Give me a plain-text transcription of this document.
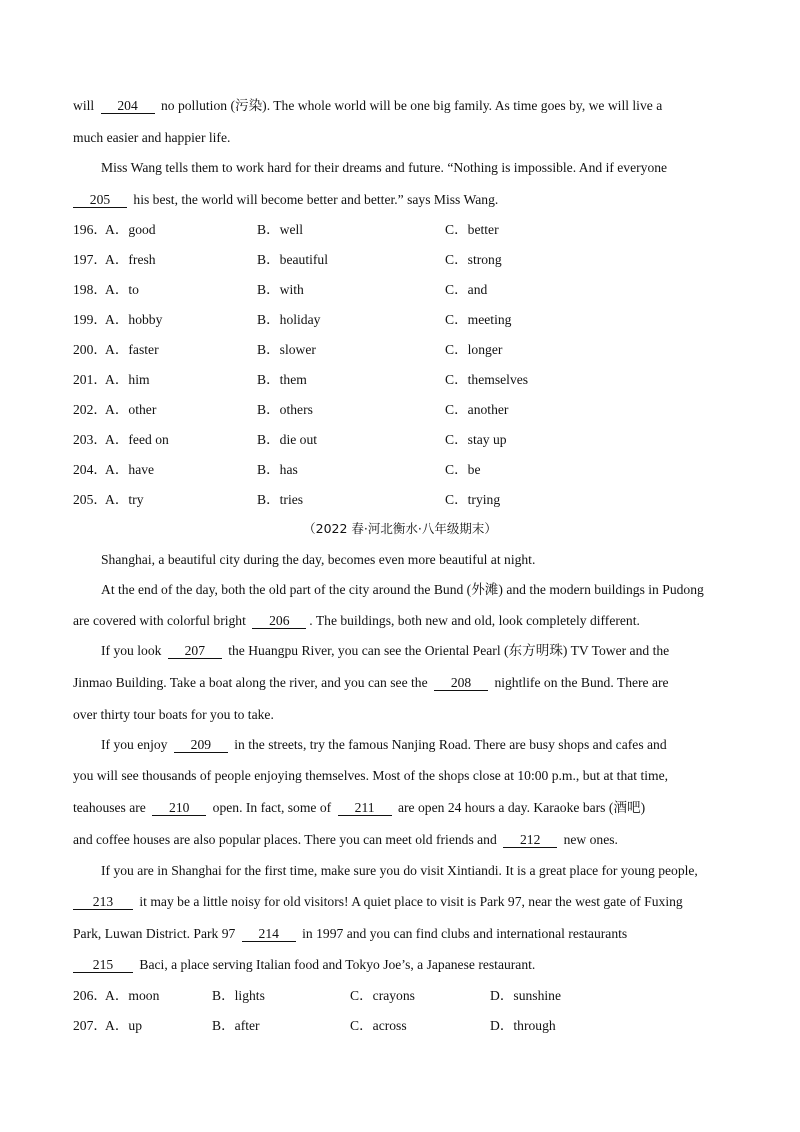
will 204 no pollution (污染). The whole world will be one big family. As time goes by, we will live a
much easier and happier life.
Miss Wang tells them to work hard for their dreams and future. “Nothing is impossible. And if everyone
205 his best, the world will become better and better.” says Miss Wang.
196．
A．good	B．well	C．better
197．
A．fresh	B．beautiful	C．strong
198．
A．to	B．with	C．and
199．
A．hobby	B．holiday	C．meeting
200．
A．faster	B．slower	C．longer
201．
A．him	B．them	C．themselves
202．
A．other	B．others	C．another
203．
A．feed on	B．die out	C．stay up
204．
A．have	B．has	C．be
205．
A．try	B．tries	C．trying
（2022 春·河北衡水·八年级期末）
Shanghai, a beautiful city during the day, becomes even more beautiful at night.
At the end of the day, both the old part of the city around the Bund (外滩) and the modern buildings in Pudong
are covered with colorful bright 206 . The buildings, both new and old, look completely different.
If you look 207 the Huangpu River, you can see the Oriental Pearl (东方明珠) TV Tower and the
Jinmao Building. Take a boat along the river, and you can see the 208 nightlife on the Bund. There are
over thirty tour boats for you to take.
If you enjoy 209 in the streets, try the famous Nanjing Road. There are busy shops and cafes and
you will see thousands of people enjoying themselves. Most of the shops close at 10:00 p.m., but at that time,
teahouses are 210 open. In fact, some of 211 are open 24 hours a day. Karaoke bars (酒吧)
and coffee houses are also popular places. There you can meet old friends and 212 new ones.
If you are in Shanghai for the first time, make sure you do visit Xintiandi. It is a great place for young people,
213 it may be a little noisy for old visitors! A quiet place to visit is Park 97, near the west gate of Fuxing
Park, Luwan District. Park 97 214 in 1997 and you can find clubs and international restaurants
215 Baci, a place serving Italian food and Tokyo Joe’s, a Japanese restaurant.
206．
A．moon	B．lights	C．crayons	D．sunshine
207．
A．up	B．after	C．across	D．through
